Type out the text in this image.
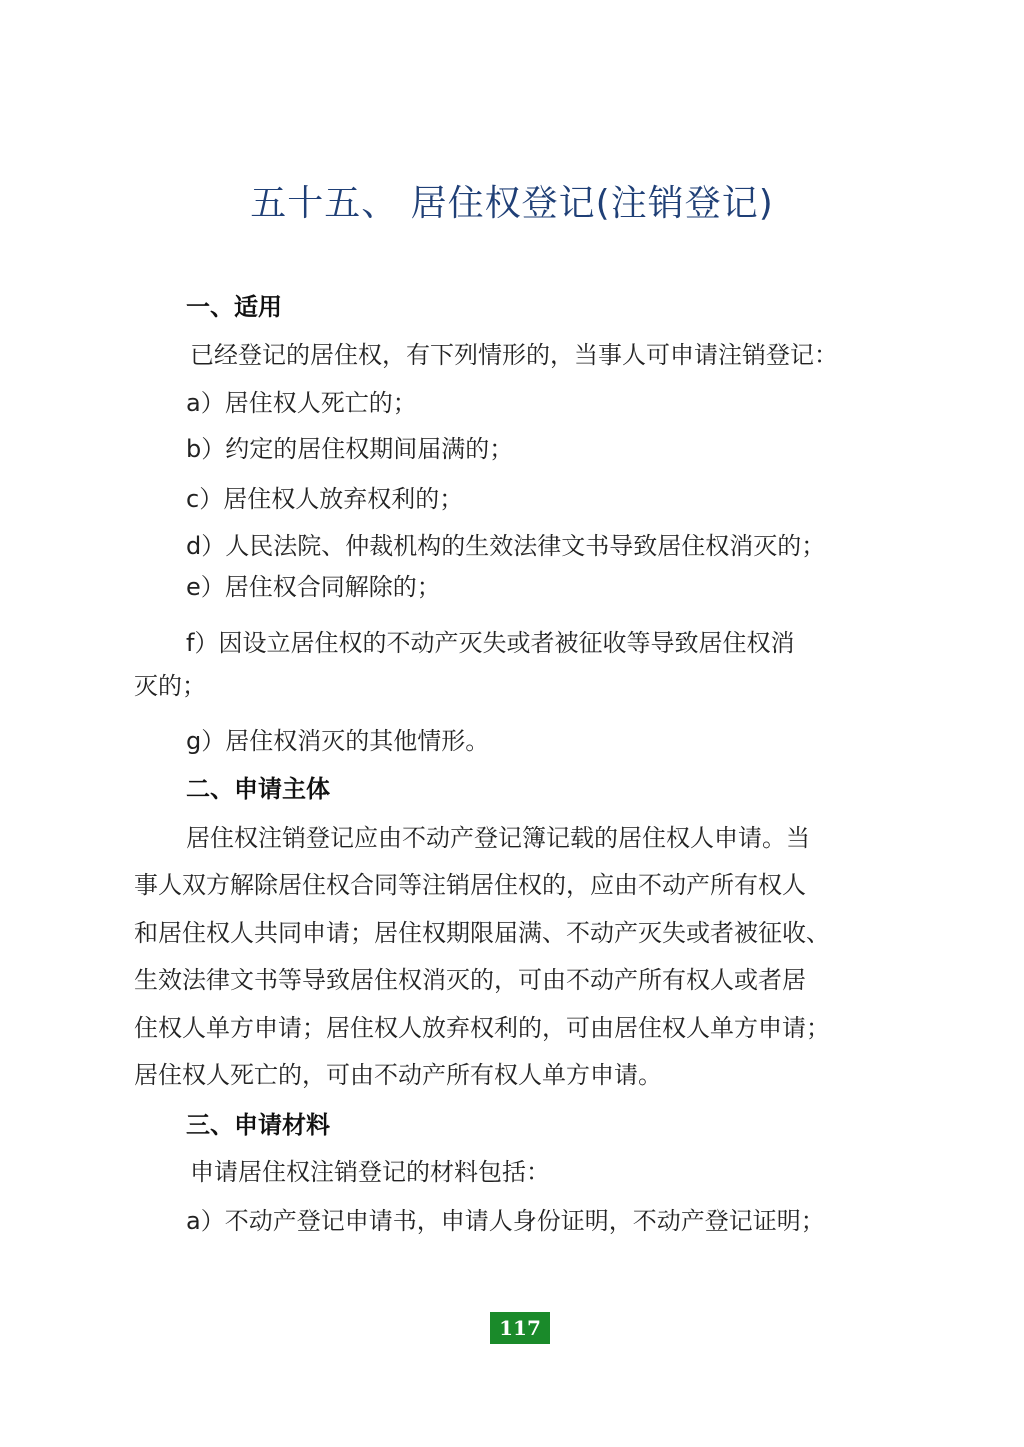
五十五、 居住权登记(注销登记)
一、适用
已经登记的居住权，有下列情形的，当事人可申请注销登记：
a）居住权人死亡的；
b）约定的居住权期间届满的；
c）居住权人放弃权利的；
d）人民法院、仲裁机构的生效法律文书导致居住权消灭的；
e）居住权合同解除的；
f）因设立居住权的不动产灭失或者被征收等导致居住权消
灭的；
g）居住权消灭的其他情形。
二、申请主体
居住权注销登记应由不动产登记簿记载的居住权人申请。当
事人双方解除居住权合同等注销居住权的，应由不动产所有权人
和居住权人共同申请；居住权期限届满、不动产灭失或者被征收、
生效法律文书等导致居住权消灭的，可由不动产所有权人或者居
住权人单方申请；居住权人放弃权利的，可由居住权人单方申请；
居住权人死亡的，可由不动产所有权人单方申请。
三、申请材料
申请居住权注销登记的材料包括：
a）不动产登记申请书，申请人身份证明，不动产登记证明；
117
